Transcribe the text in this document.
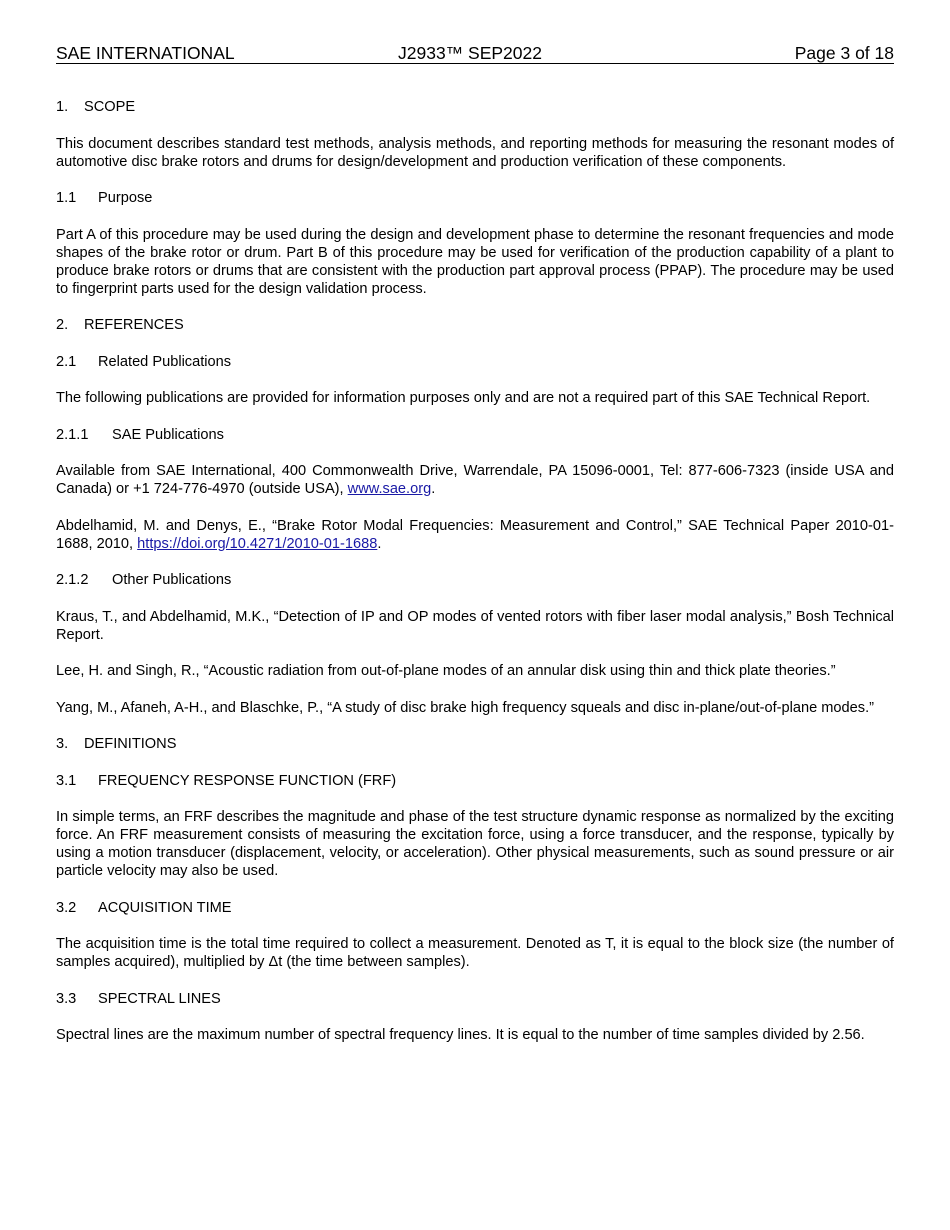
SAE INTERNATIONAL	J2933™ SEP2022	Page 3 of 18
1.	SCOPE

This document describes standard test methods, analysis methods, and reporting methods for measuring the resonant modes of automotive disc brake rotors and drums for design/development and production verification of these components.

1.1	Purpose

Part A of this procedure may be used during the design and development phase to determine the resonant frequencies and mode shapes of the brake rotor or drum. Part B of this procedure may be used for verification of the production capability of a plant to produce brake rotors or drums that are consistent with the production part approval process (PPAP). The procedure may be used to fingerprint parts used for the design validation process.

2.	REFERENCES
2.1	Related Publications

The following publications are provided for information purposes only and are not a required part of this SAE Technical Report.

2.1.1	SAE Publications

Available from SAE International, 400 Commonwealth Drive, Warrendale, PA 15096-0001, Tel: 877-606-7323 (inside USA and Canada) or +1 724-776-4970 (outside USA), www.sae.org.

Abdelhamid, M. and Denys, E., “Brake Rotor Modal Frequencies: Measurement and Control,” SAE Technical Paper 2010-01-1688, 2010, https://doi.org/10.4271/2010-01-1688.

2.1.2	Other Publications

Kraus, T., and Abdelhamid, M.K., “Detection of IP and OP modes of vented rotors with fiber laser modal analysis,” Bosh Technical Report.

Lee, H. and Singh, R., “Acoustic radiation from out-of-plane modes of an annular disk using thin and thick plate theories.”

Yang, M., Afaneh, A-H., and Blaschke, P., “A study of disc brake high frequency squeals and disc in-plane/out-of-plane modes.”

3.	DEFINITIONS
3.1	FREQUENCY RESPONSE FUNCTION (FRF)

In simple terms, an FRF describes the magnitude and phase of the test structure dynamic response as normalized by the exciting force. An FRF measurement consists of measuring the excitation force, using a force transducer, and the response, typically by using a motion transducer (displacement, velocity, or acceleration). Other physical measurements, such as sound pressure or air particle velocity may also be used.

3.2	ACQUISITION TIME

The acquisition time is the total time required to collect a measurement. Denoted as T, it is equal to the block size (the number of samples acquired), multiplied by Δt (the time between samples).

3.3	SPECTRAL LINES

Spectral lines are the maximum number of spectral frequency lines. It is equal to the number of time samples divided by 2.56.
